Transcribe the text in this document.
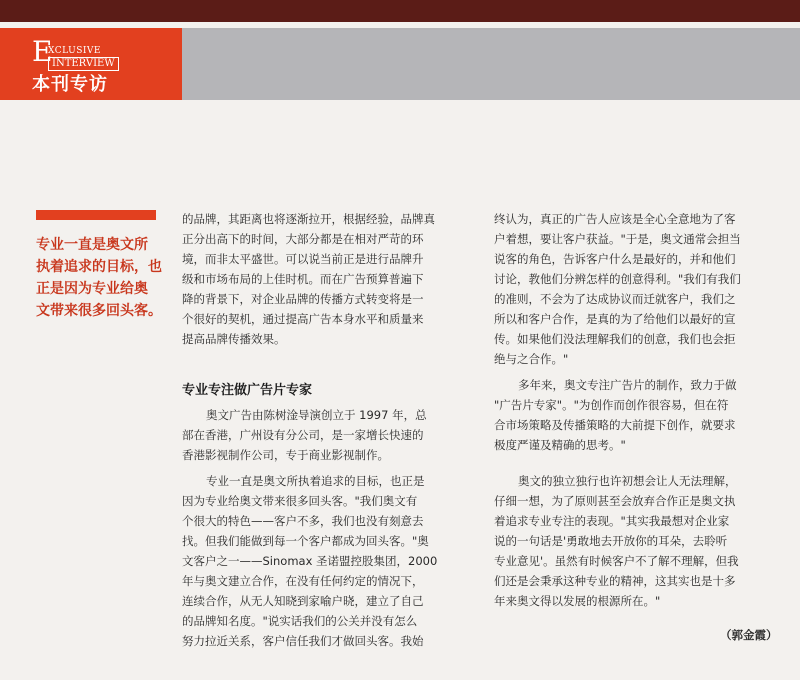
E
XCLUSIVE
INTERVIEW
本刊专访
专业一直是奥文所
执着追求的目标，也
正是因为专业给奥
文带来很多回头客。
的品牌，其距离也将逐渐拉开，根据经验，品牌真
正分出高下的时间，大部分都是在相对严苛的环
境，而非太平盛世。可以说当前正是进行品牌升
级和市场布局的上佳时机。而在广告预算普遍下
降的背景下，对企业品牌的传播方式转变将是一
个很好的契机，通过提高广告本身水平和质量来
提高品牌传播效果。
专业专注做广告片专家
奥文广告由陈树淦导演创立于 1997 年，总
部在香港，广州设有分公司，是一家增长快速的
香港影视制作公司，专于商业影视制作。
专业一直是奥文所执着追求的目标，也正是
因为专业给奥文带来很多回头客。"我们奥文有
个很大的特色——客户不多，我们也没有刻意去
找。但我们能做到每一个客户都成为回头客。"奥
文客户之一——Sinomax 圣诺盟控股集团，2000
年与奥文建立合作，在没有任何约定的情况下，
连续合作，从无人知晓到家喻户晓，建立了自己
的品牌知名度。"说实话我们的公关并没有怎么
努力拉近关系，客户信任我们才做回头客。我始
终认为，真正的广告人应该是全心全意地为了客
户着想，要让客户获益。"于是，奥文通常会担当
说客的角色，告诉客户什么是最好的，并和他们
讨论，教他们分辨怎样的创意得利。"我们有我们
的准则，不会为了达成协议而迁就客户，我们之
所以和客户合作，是真的为了给他们以最好的宣
传。如果他们没法理解我们的创意，我们也会拒
绝与之合作。"
多年来，奥文专注广告片的制作，致力于做
"广告片专家"。"为创作而创作很容易，但在符
合市场策略及传播策略的大前提下创作，就要求
极度严谨及精确的思考。"
奥文的独立独行也许初想会让人无法理解，
仔细一想，为了原则甚至会放弃合作正是奥文执
着追求专业专注的表现。"其实我最想对企业家
说的一句话是'勇敢地去开放你的耳朵，去聆听
专业意见'。虽然有时候客户不了解不理解，但我
们还是会秉承这种专业的精神，这其实也是十多
年来奥文得以发展的根源所在。"
（郭金霞）
